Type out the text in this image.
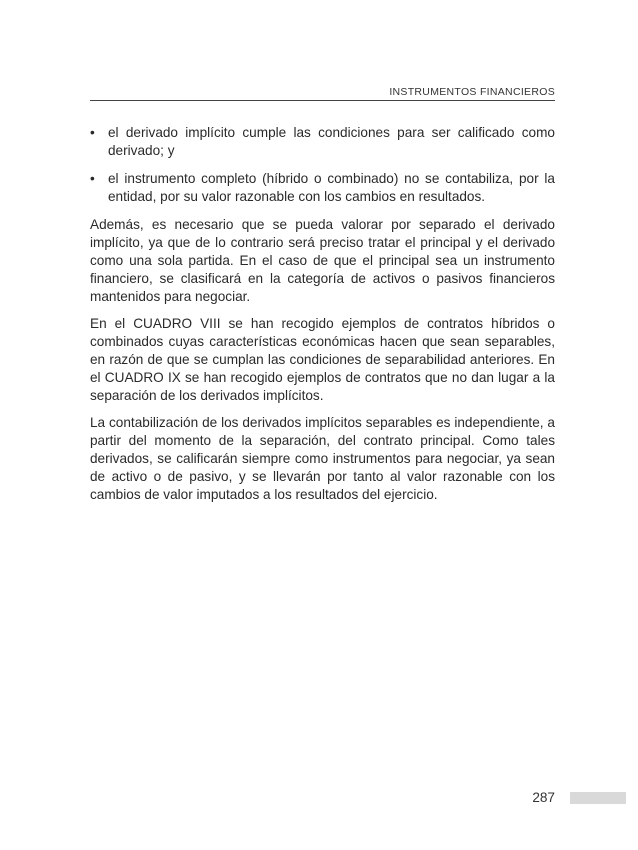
INSTRUMENTOS FINANCIEROS
• el derivado implícito cumple las condiciones para ser calificado como derivado; y
• el instrumento completo (híbrido o combinado) no se contabiliza, por la entidad, por su valor razonable con los cambios en resultados.

Además, es necesario que se pueda valorar por separado el derivado implícito, ya que de lo contrario será preciso tratar el principal y el derivado como una sola partida. En el caso de que el principal sea un instrumento financiero, se clasificará en la categoría de activos o pasivos financieros mantenidos para negociar.

En el CUADRO VIII se han recogido ejemplos de contratos híbridos o combinados cuyas características económicas hacen que sean separables, en razón de que se cumplan las condiciones de separabilidad anteriores. En el CUADRO IX se han recogido ejemplos de contratos que no dan lugar a la separación de los derivados implícitos.

La contabilización de los derivados implícitos separables es independiente, a partir del momento de la separación, del contrato principal. Como tales derivados, se calificarán siempre como instrumentos para negociar, ya sean de activo o de pasivo, y se llevarán por tanto al valor razonable con los cambios de valor imputados a los resultados del ejercicio.

287
